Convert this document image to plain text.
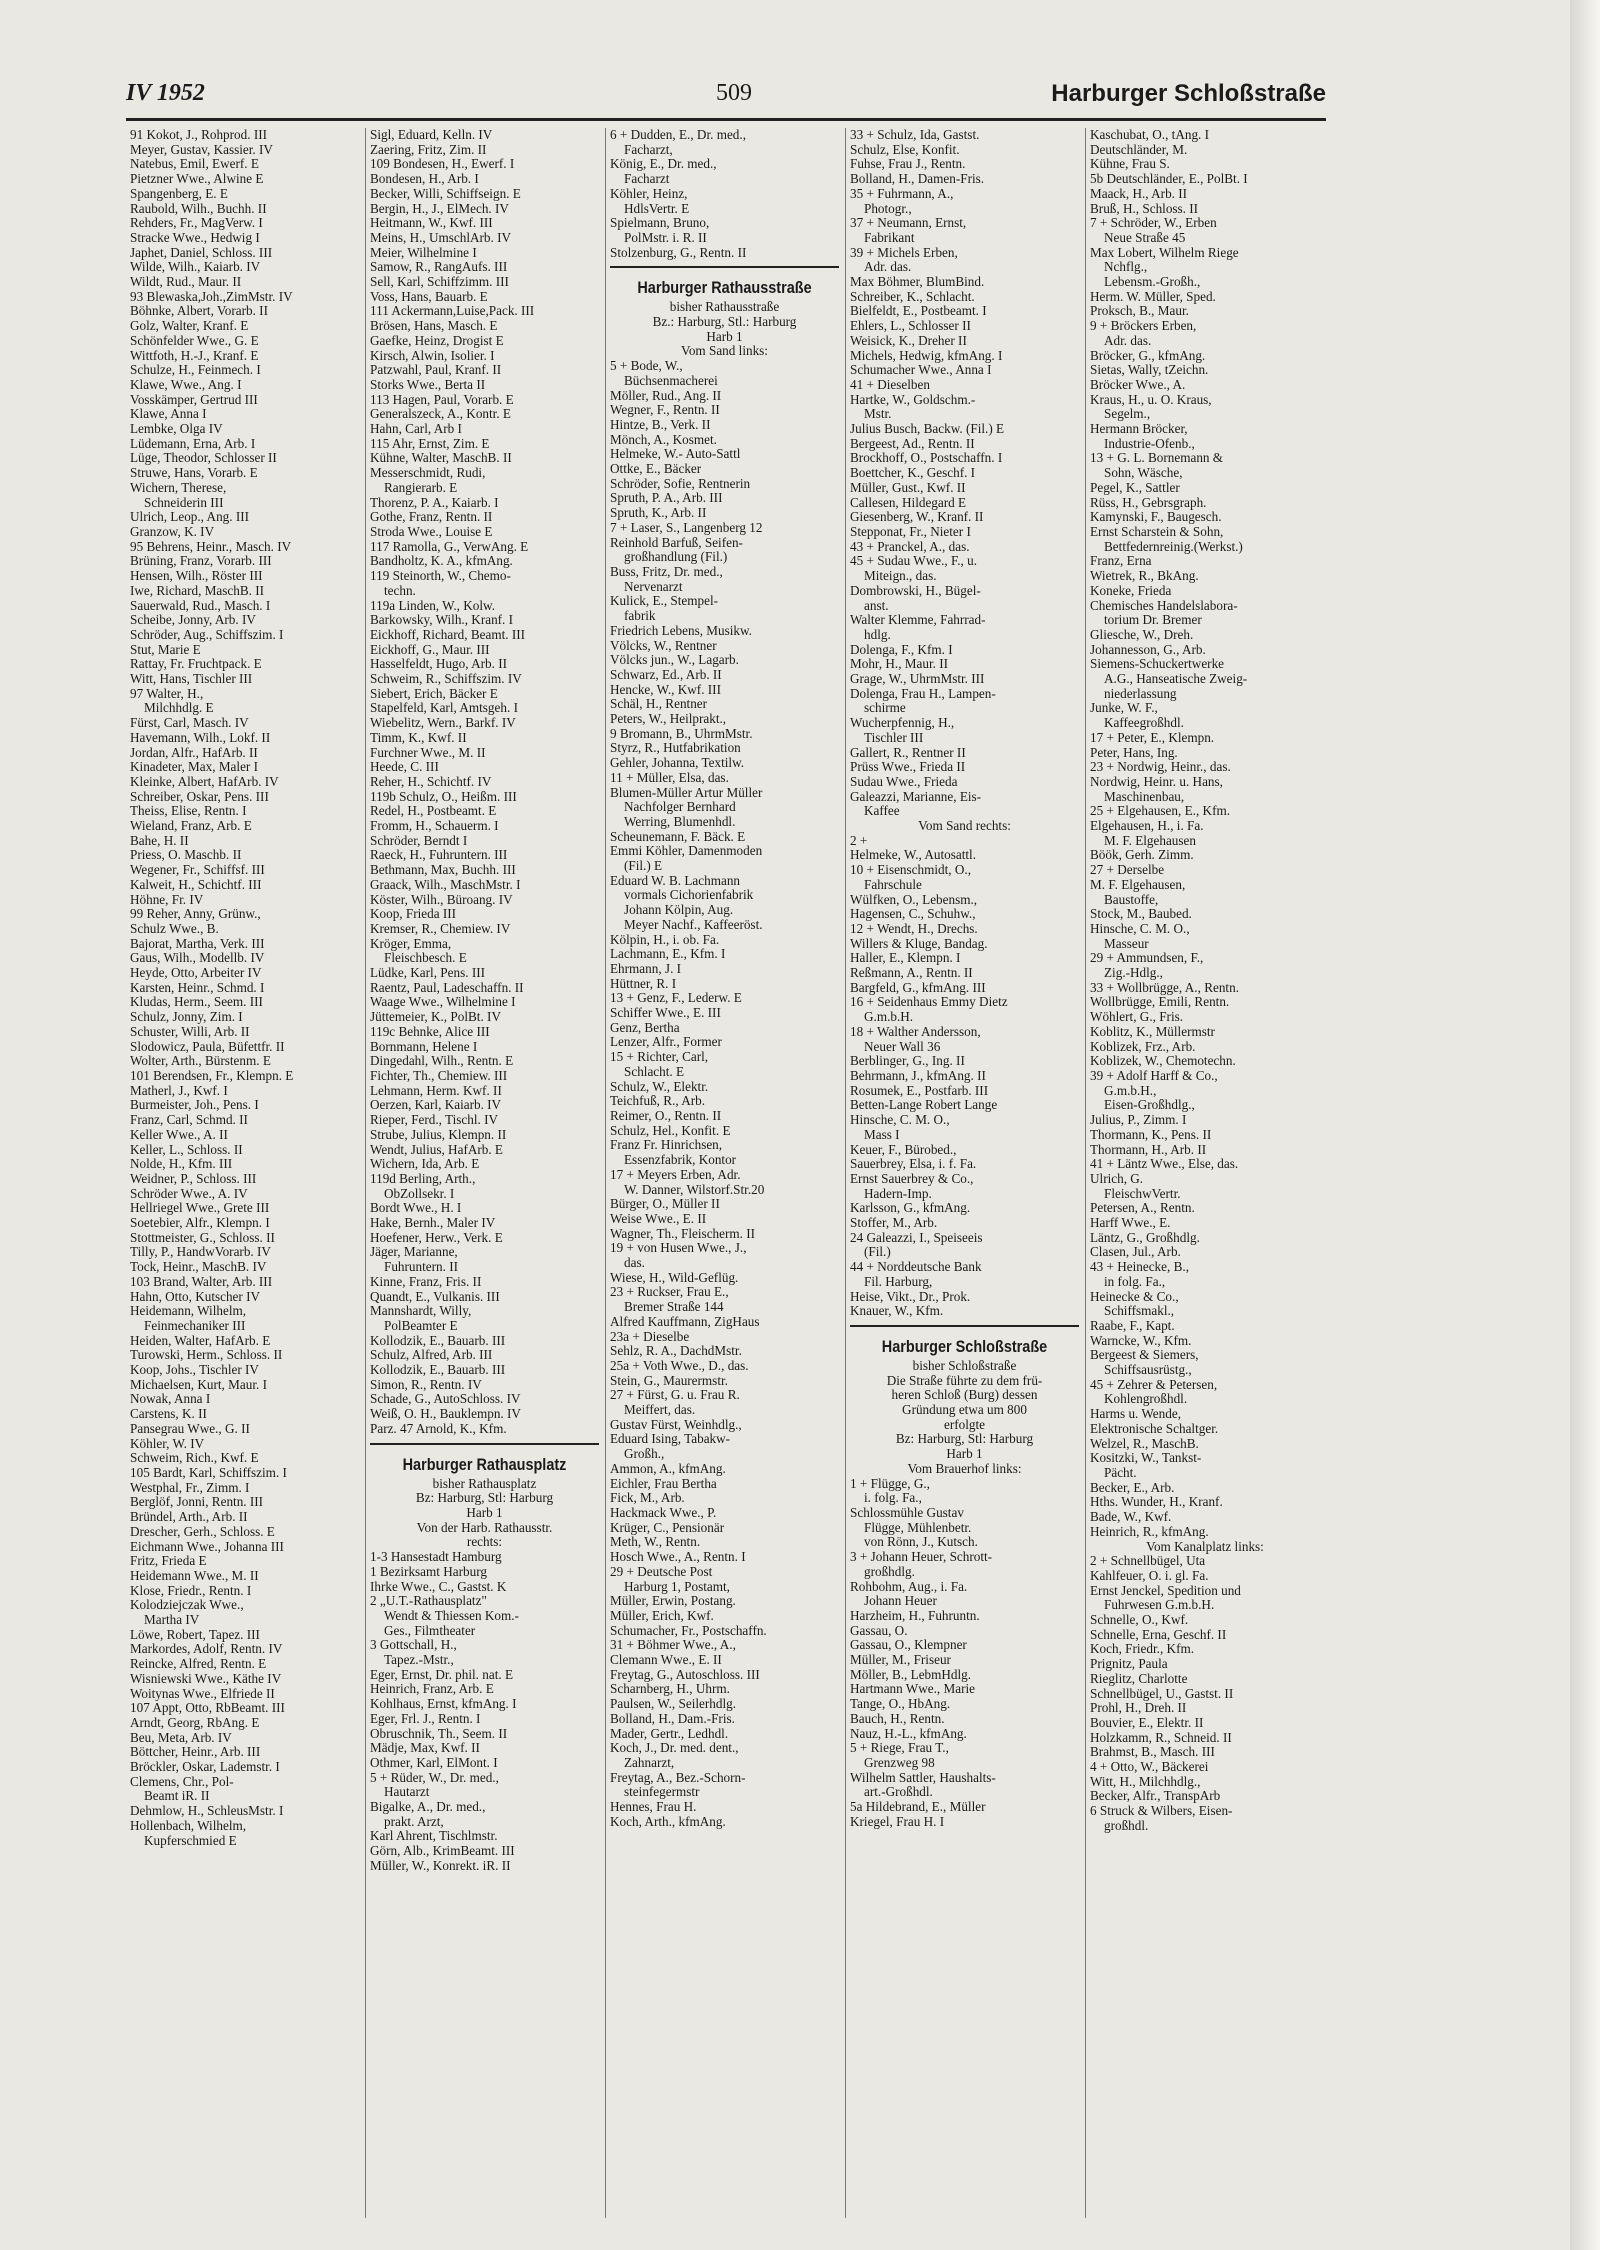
IV 1952	509	Harburger Schloßstraße
91 Kokot, J., Rohprod. III
Meyer, Gustav, Kassier. IV
Natebus, Emil, Ewerf. E
Pietzner Wwe., Alwine E
Spangenberg, E. E
Raubold, Wilh., Buchh. II
Rehders, Fr., MagVerw. I
Stracke Wwe., Hedwig I
Japhet, Daniel, Schloss. III
Wilde, Wilh., Kaiarb. IV
Wildt, Rud., Maur. II
93 Blewaska,Joh.,ZimMstr. IV
Böhnke, Albert, Vorarb. II
Golz, Walter, Kranf. E
Schönfelder Wwe., G. E
Wittfoth, H.-J., Kranf. E
Schulze, H., Feinmech. I
Klawe, Wwe., Ang. I
Vosskämper, Gertrud III
Klawe, Anna I
Lembke, Olga IV
Lüdemann, Erna, Arb. I
Lüge, Theodor, Schlosser II
Struwe, Hans, Vorarb. E
Wichern, Therese,
Schneiderin III
Ulrich, Leop., Ang. III
Granzow, K. IV
95 Behrens, Heinr., Masch. IV
Brüning, Franz, Vorarb. III
Hensen, Wilh., Röster III
Iwe, Richard, MaschB. II
Sauerwald, Rud., Masch. I
Scheibe, Jonny, Arb. IV
Schröder, Aug., Schiffszim. I
Stut, Marie E
Rattay, Fr. Fruchtpack. E
Witt, Hans, Tischler III
97 Walter, H.,
Milchhdlg. E
Fürst, Carl, Masch. IV
Havemann, Wilh., Lokf. II
Jordan, Alfr., HafArb. II
Kinadeter, Max, Maler I
Kleinke, Albert, HafArb. IV
Schreiber, Oskar, Pens. III
Theiss, Elise, Rentn. I
Wieland, Franz, Arb. E
Bahe, H. II
Priess, O. Maschb. II
Wegener, Fr., Schiffsf. III
Kalweit, H., Schichtf. III
Höhne, Fr. IV
99 Reher, Anny, Grünw.,
Schulz Wwe., B.
Bajorat, Martha, Verk. III
Gaus, Wilh., Modellb. IV
Heyde, Otto, Arbeiter IV
Karsten, Heinr., Schmd. I
Kludas, Herm., Seem. III
Schulz, Jonny, Zim. I
Schuster, Willi, Arb. II
Slodowicz, Paula, Büfettfr. II
Wolter, Arth., Bürstenm. E
101 Berendsen, Fr., Klempn. E
Matherl, J., Kwf. I
Burmeister, Joh., Pens. I
Franz, Carl, Schmd. II
Keller Wwe., A. II
Keller, L., Schloss. II
Nolde, H., Kfm. III
Weidner, P., Schloss. III
Schröder Wwe., A. IV
Hellriegel Wwe., Grete III
Soetebier, Alfr., Klempn. I
Stottmeister, G., Schloss. II
Tilly, P., HandwVorarb. IV
Tock, Heinr., MaschB. IV
103 Brand, Walter, Arb. III
Hahn, Otto, Kutscher IV
Heidemann, Wilhelm,
Feinmechaniker III
Heiden, Walter, HafArb. E
Turowski, Herm., Schloss. II
Koop, Johs., Tischler IV
Michaelsen, Kurt, Maur. I
Nowak, Anna I
Carstens, K. II
Pansegrau Wwe., G. II
Köhler, W. IV
Schweim, Rich., Kwf. E
105 Bardt, Karl, Schiffszim. I
Westphal, Fr., Zimm. I
Berglöf, Jonni, Rentn. III
Bründel, Arth., Arb. II
Drescher, Gerh., Schloss. E
Eichmann Wwe., Johanna III
Fritz, Frieda E
Heidemann Wwe., M. II
Klose, Friedr., Rentn. I
Kolodziejczak Wwe.,
Martha IV
Löwe, Robert, Tapez. III
Markordes, Adolf, Rentn. IV
Reincke, Alfred, Rentn. E
Wisniewski Wwe., Käthe IV
Woitynas Wwe., Elfriede II
107 Appt, Otto, RbBeamt. III
Arndt, Georg, RbAng. E
Beu, Meta, Arb. IV
Böttcher, Heinr., Arb. III
Bröckler, Oskar, Lademstr. I
Clemens, Chr., Pol-
Beamt iR. II
Dehmlow, H., SchleusMstr. I
Hollenbach, Wilhelm,
Kupferschmied E
Sigl, Eduard, Kelln. IV
Zaering, Fritz, Zim. II
109 Bondesen, H., Ewerf. I
Bondesen, H., Arb. I
Becker, Willi, Schiffseign. E
Bergin, H., J., ElMech. IV
Heitmann, W., Kwf. III
Meins, H., UmschlArb. IV
Meier, Wilhelmine I
Samow, R., RangAufs. III
Sell, Karl, Schiffzimm. III
Voss, Hans, Bauarb. E
111 Ackermann,Luise,Pack. III
Brösen, Hans, Masch. E
Gaefke, Heinz, Drogist E
Kirsch, Alwin, Isolier. I
Patzwahl, Paul, Kranf. II
Storks Wwe., Berta II
113 Hagen, Paul, Vorarb. E
Generalszeck, A., Kontr. E
Hahn, Carl, Arb I
115 Ahr, Ernst, Zim. E
Kühne, Walter, MaschB. II
Messerschmidt, Rudi,
Rangierarb. E
Thorenz, P. A., Kaiarb. I
Gothe, Franz, Rentn. II
Stroda Wwe., Louise E
117 Ramolla, G., VerwAng. E
Bandholtz, K. A., kfmAng.
119 Steinorth, W., Chemo-
techn.
119a Linden, W., Kolw.
Barkowsky, Wilh., Kranf. I
Eickhoff, Richard, Beamt. III
Eickhoff, G., Maur. III
Hasselfeldt, Hugo, Arb. II
Schweim, R., Schiffszim. IV
Siebert, Erich, Bäcker E
Stapelfeld, Karl, Amtsgeh. I
Wiebelitz, Wern., Barkf. IV
Timm, K., Kwf. II
Furchner Wwe., M. II
Heede, C. III
Reher, H., Schichtf. IV
119b Schulz, O., Heißm. III
Redel, H., Postbeamt. E
Fromm, H., Schauerm. I
Schröder, Berndt I
Raeck, H., Fuhruntern. III
Bethmann, Max, Buchh. III
Graack, Wilh., MaschMstr. I
Köster, Wilh., Büroang. IV
Koop, Frieda III
Kremser, R., Chemiew. IV
Kröger, Emma,
Fleischbesch. E
Lüdke, Karl, Pens. III
Raentz, Paul, Ladeschaffn. II
Waage Wwe., Wilhelmine I
Jüttemeier, K., PolBt. IV
119c Behnke, Alice III
Bornmann, Helene I
Dingedahl, Wilh., Rentn. E
Fichter, Th., Chemiew. III
Lehmann, Herm. Kwf. II
Oerzen, Karl, Kaiarb. IV
Rieper, Ferd., Tischl. IV
Strube, Julius, Klempn. II
Wendt, Julius, HafArb. E
Wichern, Ida, Arb. E
119d Berling, Arth.,
ObZollsekr. I
Bordt Wwe., H. I
Hake, Bernh., Maler IV
Hoefener, Herw., Verk. E
Jäger, Marianne,
Fuhruntern. II
Kinne, Franz, Fris. II
Quandt, E., Vulkanis. III
Mannshardt, Willy,
PolBeamter E
Kollodzik, E., Bauarb. III
Schulz, Alfred, Arb. III
Kollodzik, E., Bauarb. III
Simon, R., Rentn. IV
Schade, G., AutoSchloss. IV
Weiß, O. H., Bauklempn. IV
Parz. 47 Arnold, K., Kfm.
Harburger Rathausplatz
bisher Rathausplatz
Bz: Harburg, Stl: Harburg
Harb 1
Von der Harb. Rathausstr.
rechts:
1-3 Hansestadt Hamburg
1 Bezirksamt Harburg
Ihrke Wwe., C., Gastst. K
2 „U.T.-Rathausplatz"
Wendt & Thiessen Kom.-
Ges., Filmtheater
3 Gottschall, H.,
Tapez.-Mstr.,
Eger, Ernst, Dr. phil. nat. E
Heinrich, Franz, Arb. E
Kohlhaus, Ernst, kfmAng. I
Eger, Frl. J., Rentn. I
Obruschnik, Th., Seem. II
Mädje, Max, Kwf. II
Othmer, Karl, ElMont. I
5 + Rüder, W., Dr. med.,
Hautarzt
Bigalke, A., Dr. med.,
prakt. Arzt,
Karl Ahrent, Tischlmstr.
Görn, Alb., KrimBeamt. III
Müller, W., Konrekt. iR. II
6 + Dudden, E., Dr. med.,
Facharzt,
König, E., Dr. med.,
Facharzt
Köhler, Heinz,
HdlsVertr. E
Spielmann, Bruno,
PolMstr. i. R. II
Stolzenburg, G., Rentn. II
Harburger Rathausstraße
bisher Rathausstraße
Bz.: Harburg, Stl.: Harburg
Harb 1
Vom Sand links:
5 + Bode, W.,
Büchsenmacherei
Möller, Rud., Ang. II
Wegner, F., Rentn. II
Hintze, B., Verk. II
Mönch, A., Kosmet.
Helmeke, W.- Auto-Sattl
Ottke, E., Bäcker
Schröder, Sofie, Rentnerin
Spruth, P. A., Arb. III
Spruth, K., Arb. II
7 + Laser, S., Langenberg 12
Reinhold Barfuß, Seifen-
großhandlung (Fil.)
Buss, Fritz, Dr. med.,
Nervenarzt
Kulick, E., Stempel-
fabrik
Friedrich Lebens, Musikw.
Völcks, W., Rentner
Völcks jun., W., Lagarb.
Schwarz, Ed., Arb. II
Hencke, W., Kwf. III
Schäl, H., Rentner
Peters, W., Heilprakt.,
9 Bromann, B., UhrmMstr.
Styrz, R., Hutfabrikation
Gehler, Johanna, Textilw.
11 + Müller, Elsa, das.
Blumen-Müller Artur Müller
Nachfolger Bernhard
Werring, Blumenhdl.
Scheunemann, F. Bäck. E
Emmi Köhler, Damenmoden
(Fil.) E
Eduard W. B. Lachmann
vormals Cichorienfabrik
Johann Kölpin, Aug.
Meyer Nachf., Kaffeeröst.
Kölpin, H., i. ob. Fa.
Lachmann, E., Kfm. I
Ehrmann, J. I
Hüttner, R. I
13 + Genz, F., Lederw. E
Schiffer Wwe., E. III
Genz, Bertha
Lenzer, Alfr., Former
15 + Richter, Carl,
Schlacht. E
Schulz, W., Elektr.
Teichfuß, R., Arb.
Reimer, O., Rentn. II
Schulz, Hel., Konfit. E
Franz Fr. Hinrichsen,
Essenzfabrik, Kontor
17 + Meyers Erben, Adr.
W. Danner, Wilstorf.Str.20
Bürger, O., Müller II
Weise Wwe., E. II
Wagner, Th., Fleischerm. II
19 + von Husen Wwe., J.,
das.
Wiese, H., Wild-Geflüg.
23 + Ruckser, Frau E.,
Bremer Straße 144
Alfred Kauffmann, ZigHaus
23a + Dieselbe
Sehlz, R. A., DachdMstr.
25a + Voth Wwe., D., das.
Stein, G., Maurermstr.
27 + Fürst, G. u. Frau R.
Meiffert, das.
Gustav Fürst, Weinhdlg.,
Eduard Ising, Tabakw-
Großh.,
Ammon, A., kfmAng.
Eichler, Frau Bertha
Fick, M., Arb.
Hackmack Wwe., P.
Krüger, C., Pensionär
Meth, W., Rentn.
Hosch Wwe., A., Rentn. I
29 + Deutsche Post
Harburg 1, Postamt,
Müller, Erwin, Postang.
Müller, Erich, Kwf.
Schumacher, Fr., Postschaffn.
31 + Böhmer Wwe., A.,
Clemann Wwe., E. II
Freytag, G., Autoschloss. III
Scharnberg, H., Uhrm.
Paulsen, W., Seilerhdlg.
Bolland, H., Dam.-Fris.
Mader, Gertr., Ledhdl.
Koch, J., Dr. med. dent.,
Zahnarzt,
Freytag, A., Bez.-Schorn-
steinfegermstr
Hennes, Frau H.
Koch, Arth., kfmAng.
33 + Schulz, Ida, Gastst.
Schulz, Else, Konfit.
Fuhse, Frau J., Rentn.
Bolland, H., Damen-Fris.
35 + Fuhrmann, A.,
Photogr.,
37 + Neumann, Ernst,
Fabrikant
39 + Michels Erben,
Adr. das.
Max Böhmer, BlumBind.
Schreiber, K., Schlacht.
Bielfeldt, E., Postbeamt. I
Ehlers, L., Schlosser II
Weisick, K., Dreher II
Michels, Hedwig, kfmAng. I
Schumacher Wwe., Anna I
41 + Dieselben
Hartke, W., Goldschm.-
Mstr.
Julius Busch, Backw. (Fil.) E
Bergeest, Ad., Rentn. II
Brockhoff, O., Postschaffn. I
Boettcher, K., Geschf. I
Müller, Gust., Kwf. II
Callesen, Hildegard E
Giesenberg, W., Kranf. II
Stepponat, Fr., Nieter I
43 + Pranckel, A., das.
45 + Sudau Wwe., F., u.
Miteign., das.
Dombrowski, H., Bügel-
anst.
Walter Klemme, Fahrrad-
hdlg.
Dolenga, F., Kfm. I
Mohr, H., Maur. II
Grage, W., UhrmMstr. III
Dolenga, Frau H., Lampen-
schirme
Wucherpfennig, H.,
Tischler III
Gallert, R., Rentner II
Prüss Wwe., Frieda II
Sudau Wwe., Frieda
Galeazzi, Marianne, Eis-
Kaffee
Vom Sand rechts:
2 +
Helmeke, W., Autosattl.
10 + Eisenschmidt, O.,
Fahrschule
Wülfken, O., Lebensm.,
Hagensen, C., Schuhw.,
12 + Wendt, H., Drechs.
Willers & Kluge, Bandag.
Haller, E., Klempn. I
Reßmann, A., Rentn. II
Bargfeld, G., kfmAng. III
16 + Seidenhaus Emmy Dietz
G.m.b.H.
18 + Walther Andersson,
Neuer Wall 36
Berblinger, G., Ing. II
Behrmann, J., kfmAng. II
Rosumek, E., Postfarb. III
Betten-Lange Robert Lange
Hinsche, C. M. O.,
Mass I
Keuer, F., Bürobed.,
Sauerbrey, Elsa, i. f. Fa.
Ernst Sauerbrey & Co.,
Hadern-Imp.
Karlsson, G., kfmAng.
Stoffer, M., Arb.
24 Galeazzi, I., Speiseeis
(Fil.)
44 + Norddeutsche Bank
Fil. Harburg,
Heise, Vikt., Dr., Prok.
Knauer, W., Kfm.
Harburger Schloßstraße
bisher Schloßstraße
Die Straße führte zu dem frü-
heren Schloß (Burg) dessen
Gründung etwa um 800
erfolgte
Bz: Harburg, Stl: Harburg
Harb 1
Vom Brauerhof links:
1 + Flügge, G.,
i. folg. Fa.,
Schlossmühle Gustav
Flügge, Mühlenbetr.
von Rönn, J., Kutsch.
3 + Johann Heuer, Schrott-
großhdlg.
Rohbohm, Aug., i. Fa.
Johann Heuer
Harzheim, H., Fuhruntn.
Gassau, O.
Gassau, O., Klempner
Müller, M., Friseur
Möller, B., LebmHdlg.
Hartmann Wwe., Marie
Tange, O., HbAng.
Bauch, H., Rentn.
Nauz, H.-L., kfmAng.
5 + Riege, Frau T.,
Grenzweg 98
Wilhelm Sattler, Haushalts-
art.-Großhdl.
5a Hildebrand, E., Müller
Kriegel, Frau H. I
Kaschubat, O., tAng. I
Deutschländer, M.
Kühne, Frau S.
5b Deutschländer, E., PolBt. I
Maack, H., Arb. II
Bruß, H., Schloss. II
7 + Schröder, W., Erben
Neue Straße 45
Max Lobert, Wilhelm Riege
Nchflg.,
Lebensm.-Großh.,
Herm. W. Müller, Sped.
Proksch, B., Maur.
9 + Bröckers Erben,
Adr. das.
Bröcker, G., kfmAng.
Sietas, Wally, tZeichn.
Bröcker Wwe., A.
Kraus, H., u. O. Kraus,
Segelm.,
Hermann Bröcker,
Industrie-Ofenb.,
13 + G. L. Bornemann &
Sohn, Wäsche,
Pegel, K., Sattler
Rüss, H., Gebrsgraph.
Kamynski, F., Baugesch.
Ernst Scharstein & Sohn,
Bettfedernreinig.(Werkst.)
Franz, Erna
Wietrek, R., BkAng.
Koneke, Frieda
Chemisches Handelslabora-
torium Dr. Bremer
Gliesche, W., Dreh.
Johannesson, G., Arb.
Siemens-Schuckertwerke
A.G., Hanseatische Zweig-
niederlassung
Junke, W. F.,
Kaffeegroßhdl.
17 + Peter, E., Klempn.
Peter, Hans, Ing.
23 + Nordwig, Heinr., das.
Nordwig, Heinr. u. Hans,
Maschinenbau,
25 + Elgehausen, E., Kfm.
Elgehausen, H., i. Fa.
M. F. Elgehausen
Böök, Gerh. Zimm.
27 + Derselbe
M. F. Elgehausen,
Baustoffe,
Stock, M., Baubed.
Hinsche, C. M. O.,
Masseur
29 + Ammundsen, F.,
Zig.-Hdlg.,
33 + Wollbrügge, A., Rentn.
Wollbrügge, Emili, Rentn.
Wöhlert, G., Fris.
Koblitz, K., Müllermstr
Koblizek, Frz., Arb.
Koblizek, W., Chemotechn.
39 + Adolf Harff & Co.,
G.m.b.H.,
Eisen-Großhdlg.,
Julius, P., Zimm. I
Thormann, K., Pens. II
Thormann, H., Arb. II
41 + Läntz Wwe., Else, das.
Ulrich, G.
FleischwVertr.
Petersen, A., Rentn.
Harff Wwe., E.
Läntz, G., Großhdlg.
Clasen, Jul., Arb.
43 + Heinecke, B.,
in folg. Fa.,
Heinecke & Co.,
Schiffsmakl.,
Raabe, F., Kapt.
Warncke, W., Kfm.
Bergeest & Siemers,
Schiffsausrüstg.,
45 + Zehrer & Petersen,
Kohlengroßhdl.
Harms u. Wende,
Elektronische Schaltger.
Welzel, R., MaschB.
Kositzki, W., Tankst-
Pächt.
Becker, E., Arb.
Hths. Wunder, H., Kranf.
Bade, W., Kwf.
Heinrich, R., kfmAng.
Vom Kanalplatz links:
2 + Schnellbügel, Uta
Kahlfeuer, O. i. gl. Fa.
Ernst Jenckel, Spedition und
Fuhrwesen G.m.b.H.
Schnelle, O., Kwf.
Schnelle, Erna, Geschf. II
Koch, Friedr., Kfm.
Prignitz, Paula
Rieglitz, Charlotte
Schnellbügel, U., Gastst. II
Prohl, H., Dreh. II
Bouvier, E., Elektr. II
Holzkamm, R., Schneid. II
Brahmst, B., Masch. III
4 + Otto, W., Bäckerei
Witt, H., Milchhdlg.,
Becker, Alfr., TranspArb
6 Struck & Wilbers, Eisen-
großhdl.
